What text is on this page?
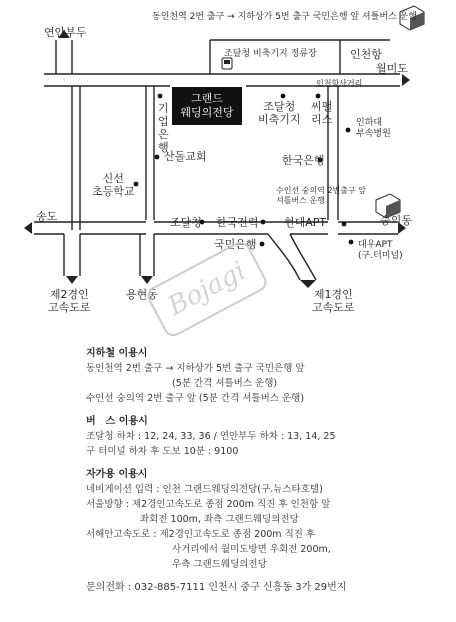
동인천역 2번 출구 → 지하상가 5번 출구 국민은행 앞 셔틀버스 운행
연안부두
조달청 비축기지 정류장	인천항
월미도
인천항사거리
그랜드
웨딩의전당
기업은행
조달청
비축기지
씨팰리스	인하대
부속병원
산돌교회
신선
초등학교
한국은행
수인선 숭의역 2번출구 앞
셔틀버스 운행
송도	숭의동
조달청 한국전력 현대APT
국민은행	대우APT
(구.터미널)
제2경인
고속도로
용현동	제1경인
고속도로
Bojagi
지하철 이용시
동인천역 2번 출구 → 지하상가 5번 출구 국민은행 앞
(5분 간격 셔틀버스 운행)
수인선 숭의역 2번 출구 앞 (5분 간격 셔틀버스 운행)
버　스 이용시
조달청 하차 : 12, 24, 33, 36 / 연안부두 하차 : 13, 14, 25
구 터미널 하차 후 도보 10분 : 9100
자가용 이용시
네비게이션 입력 : 인천 그랜드웨딩의전당(구.뉴스타호텔)
서울방향 : 제2경인고속도로 종점 200m 직진 후 인천항 앞
좌회전 100m, 좌측 그랜드웨딩의전당
서해안고속도로 : 제2경인고속도로 종점 200m 직진 후
사거리에서 월미도방면 우회전 200m,
우측 그랜드웨딩의전당
문의전화 : 032-885-7111 인천시 중구 신흥동 3가 29번지
